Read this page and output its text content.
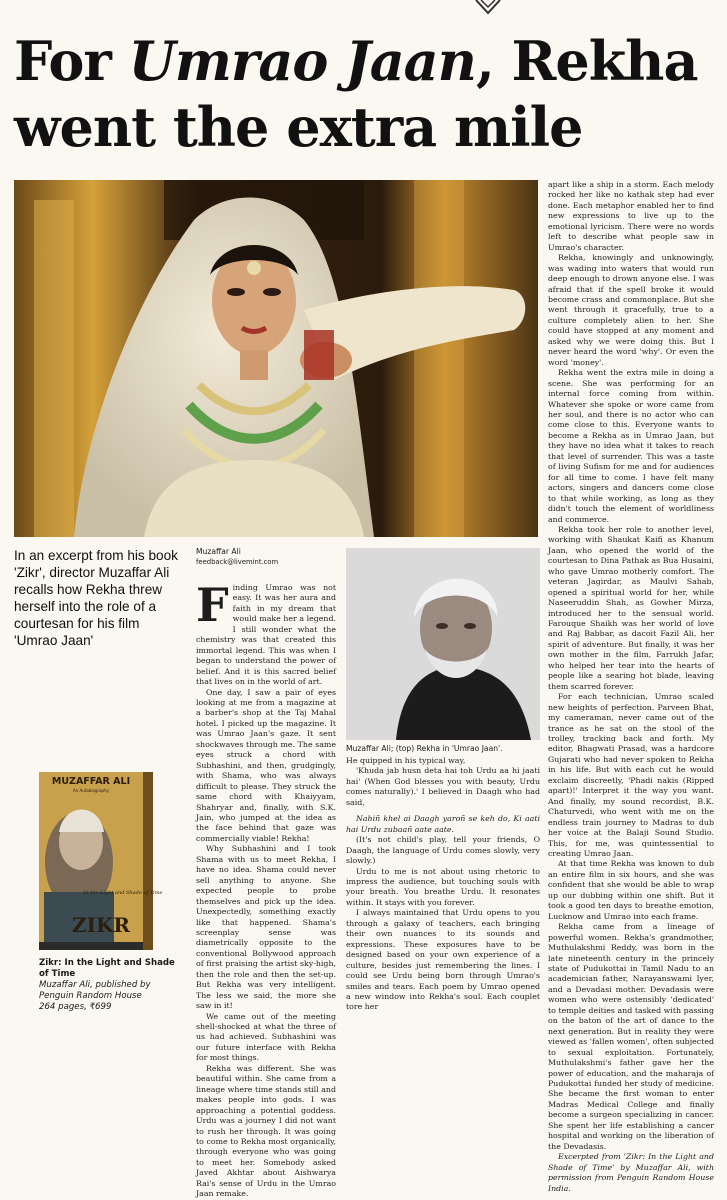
For Umrao Jaan, Rekha went the extra mile

In an excerpt from his book 'Zikr', director Muzaffar Ali recalls how Rekha threw herself into the role of a courtesan for his film 'Umrao Jaan'

MUZAFFAR ALI
An Autobiography
In the Light and Shade of Time
ZIKR

Zikr: In the Light and Shade of Time
Muzaffar Ali, published by Penguin Random House
264 pages, ₹699

Muzaffar Ali
feedback@livemint.com
Muzaffar Ali; (top) Rekha in 'Umrao Jaan'.
F inding Umrao was not easy. It was her aura and faith in my dream that would make her a legend. I still wonder what the chemistry was that created this immortal legend. This was when I began to understand the power of belief. And it is this sacred belief that lives on in the world of art.

One day, I saw a pair of eyes looking at me from a magazine at a barber's shop at the Taj Mahal hotel. I picked up the magazine. It was Umrao Jaan's gaze. It sent shockwaves through me. The same eyes struck a chord with Subhashini, and then, grudgingly, with Shama, who was always difficult to please. They struck the same chord with Khaiyyam, Shahryar and, finally, with S.K. Jain, who jumped at the idea as the face behind that gaze was commercially viable! Rekha!

Why Subhashini and I took Shama with us to meet Rekha, I have no idea. Shama could never sell anything to anyone. She expected people to probe themselves and pick up the idea. Unexpectedly, something exactly like that happened. Shama's screenplay sense was diametrically opposite to the conventional Bollywood approach of first praising the artist sky-high, then the role and then the set-up. But Rekha was very intelligent. The less we said, the more she saw in it!

We came out of the meeting shell-shocked at what the three of us had achieved. Subhashini was our future interface with Rekha for most things.

Rekha was different. She was beautiful within. She came from a lineage where time stands still and makes people into gods. I was approaching a potential goddess. Urdu was a journey I did not want to rush her through. It was going to come to Rekha most organically, through everyone who was going to meet her. Somebody asked Javed Akhtar about Aishwarya Rai's sense of Urdu in the Umrao Jaan remake.

He quipped in his typical way,

'Khuda jab husn deta hai toh Urdu aa hi jaati hai' (When God blesses you with beauty, Urdu comes naturally).' I believed in Daagh who had said,

Nahiñ khel ai Daagh yaroñ se keh do, Ki aati hai Urdu zubaañ aate aate.

(It's not child's play, tell your friends, O Daagh, the language of Urdu comes slowly, very slowly.)

Urdu to me is not about using rhetoric to impress the audience, but touching souls with your breath. You breathe Urdu. It resonates within. It stays with you forever.

I always maintained that Urdu opens to you through a galaxy of teachers, each bringing their own nuances to its sounds and expressions. These exposures have to be designed based on your own experience of a culture, besides just remembering the lines. I could see Urdu being born through Umrao's smiles and tears. Each poem by Umrao opened a new window into Rekha's soul. Each couplet tore her

apart like a ship in a storm. Each melody rocked her like no kathak step had ever done. Each metaphor enabled her to find new expressions to live up to the emotional lyricism. There were no words left to describe what people saw in Umrao's character.

Rekha, knowingly and unknowingly, was wading into waters that would run deep enough to drown anyone else. I was afraid that if the spell broke it would become crass and commonplace. But she went through it gracefully, true to a culture completely alien to her. She could have stopped at any moment and asked why we were doing this. But I never heard the word 'why'. Or even the word 'money'.

Rekha went the extra mile in doing a scene. She was performing for an internal force coming from within. Whatever she spoke or wore came from her soul, and there is no actor who can come close to this. Everyone wants to become a Rekha as in Umrao Jaan, but they have no idea what it takes to reach that level of surrender. This was a taste of living Sufism for me and for audiences for all time to come. I have felt many actors, singers and dancers come close to that while working, as long as they didn't touch the element of worldliness and commerce.

Rekha took her role to another level, working with Shaukat Kaifi as Khanum Jaan, who opened the world of the courtesan to Dina Pathak as Bua Husaini, who gave Umrao motherly comfort. The veteran Jagirdar, as Maulvi Sahab, opened a spiritual world for her, while Naseeruddin Shah, as Gowher Mirza, introduced her to the sensual world. Farouque Shaikh was her world of love and Raj Babbar, as dacoit Fazil Ali, her spirit of adventure. But finally, it was her own mother in the film, Farrukh Jafar, who helped her tear into the hearts of people like a searing hot blade, leaving them scarred forever.

For each technician, Umrao scaled new heights of perfection. Parveen Bhat, my cameraman, never came out of the trance as he sat on the stool of the trolley, tracking back and forth. My editor, Bhagwati Prasad, was a hardcore Gujarati who had never spoken to Rekha in his life. But with each cut he would exclaim discreetly, 'Phadi nakis (Ripped apart)!' Interpret it the way you want. And finally, my sound recordist, B.K. Chaturvedi, who went with me on the endless train journey to Madras to dub her voice at the Balaji Sound Studio. This, for me, was quintessential to creating Umrao Jaan.

At that time Rekha was known to dub an entire film in six hours, and she was confident that she would be able to wrap up our dubbing within one shift. But it took a good ten days to breathe emotion, Lucknow and Umrao into each frame.

Rekha came from a lineage of powerful women. Rekha's grandmother, Muthulakshmi Reddy, was born in the late nineteenth century in the princely state of Pudukottai in Tamil Nadu to an academician father, Narayanswami Iyer, and a Devadasi mother. Devadasis were women who were ostensibly 'dedicated' to temple deities and tasked with passing on the baton of the art of dance to the next generation. But in reality they were viewed as 'fallen women', often subjected to sexual exploitation. Fortunately, Muthulakshmi's father gave her the power of education, and the maharaja of Pudukottai funded her study of medicine. She became the first woman to enter Madras Medical College and finally become a surgeon specializing in cancer. She spent her life establishing a cancer hospital and working on the liberation of the Devadasis.

Excerpted from 'Zikr: In the Light and Shade of Time' by Muzaffar Ali, with permission from Penguin Random House India.
